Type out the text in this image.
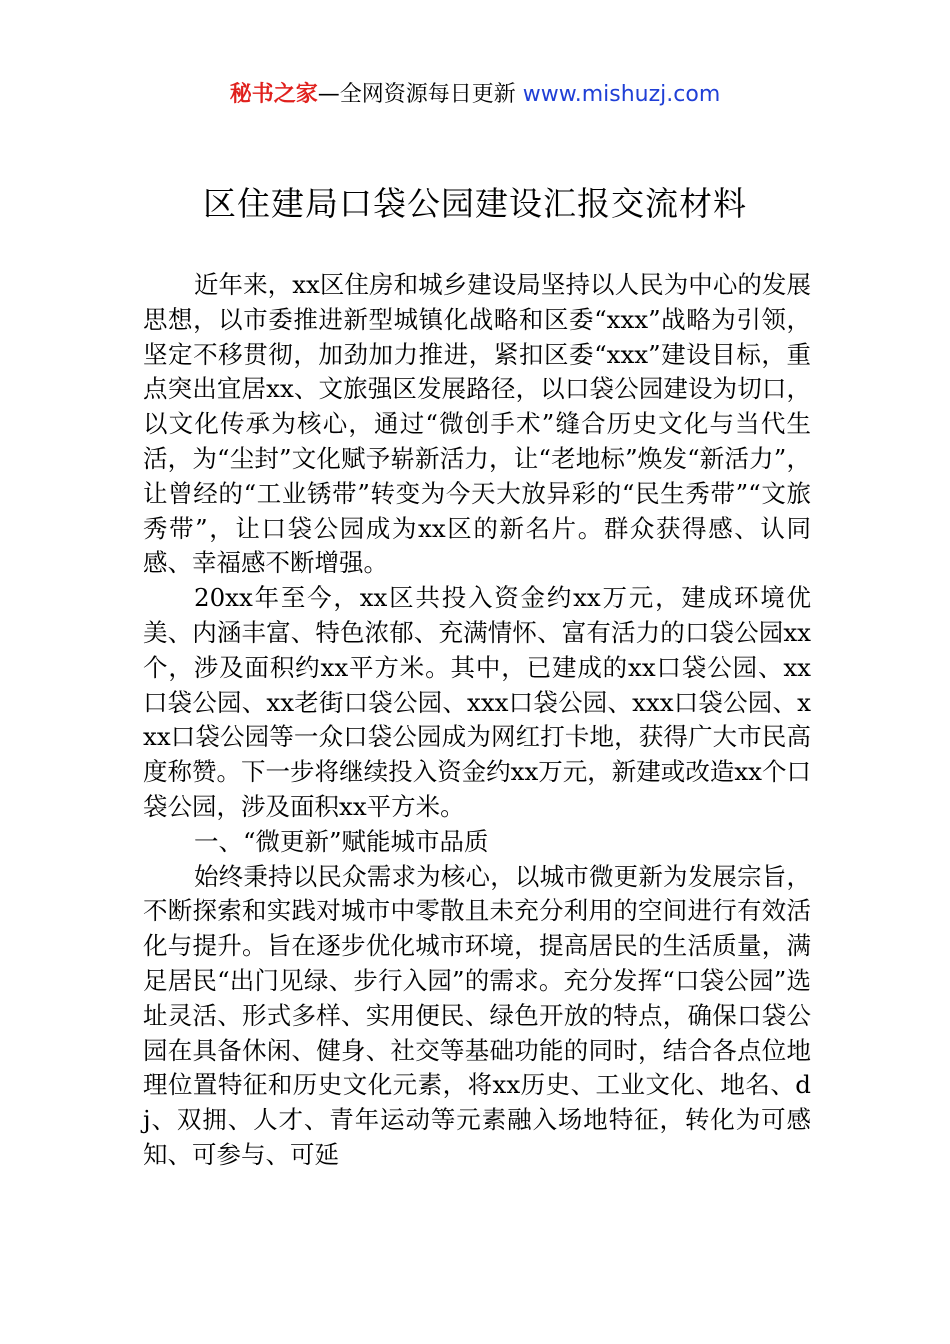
秘书之家—全网资源每日更新 www.mishuzj.com
区住建局口袋公园建设汇报交流材料

近年来，xx区住房和城乡建设局坚持以人民为中心的发展思想，以市委推进新型城镇化战略和区委“xxx”战略为引领，坚定不移贯彻，加劲加力推进，紧扣区委“xxx”建设目标，重点突出宜居xx、文旅强区发展路径，以口袋公园建设为切口，以文化传承为核心，通过“微创手术”缝合历史文化与当代生活，为“尘封”文化赋予崭新活力，让“老地标”焕发“新活力”，让曾经的“工业锈带”转变为今天大放异彩的“民生秀带”“文旅秀带”，让口袋公园成为xx区的新名片。群众获得感、认同感、幸福感不断增强。

20xx年至今，xx区共投入资金约xx万元，建成环境优美、内涵丰富、特色浓郁、充满情怀、富有活力的口袋公园xx个，涉及面积约xx平方米。其中，已建成的xx口袋公园、xx口袋公园、xx老街口袋公园、xxx口袋公园、xxx口袋公园、xxx口袋公园等一众口袋公园成为网红打卡地，获得广大市民高度称赞。下一步将继续投入资金约xx万元，新建或改造xx个口袋公园，涉及面积xx平方米。

一、“微更新”赋能城市品质

始终秉持以民众需求为核心，以城市微更新为发展宗旨，不断探索和实践对城市中零散且未充分利用的空间进行有效活化与提升。旨在逐步优化城市环境，提高居民的生活质量，满足居民“出门见绿、步行入园”的需求。充分发挥“口袋公园”选址灵活、形式多样、实用便民、绿色开放的特点，确保口袋公园在具备休闲、健身、社交等基础功能的同时，结合各点位地理位置特征和历史文化元素，将xx历史、工业文化、地名、dj、双拥、人才、青年运动等元素融入场地特征，转化为可感知、可参与、可延
